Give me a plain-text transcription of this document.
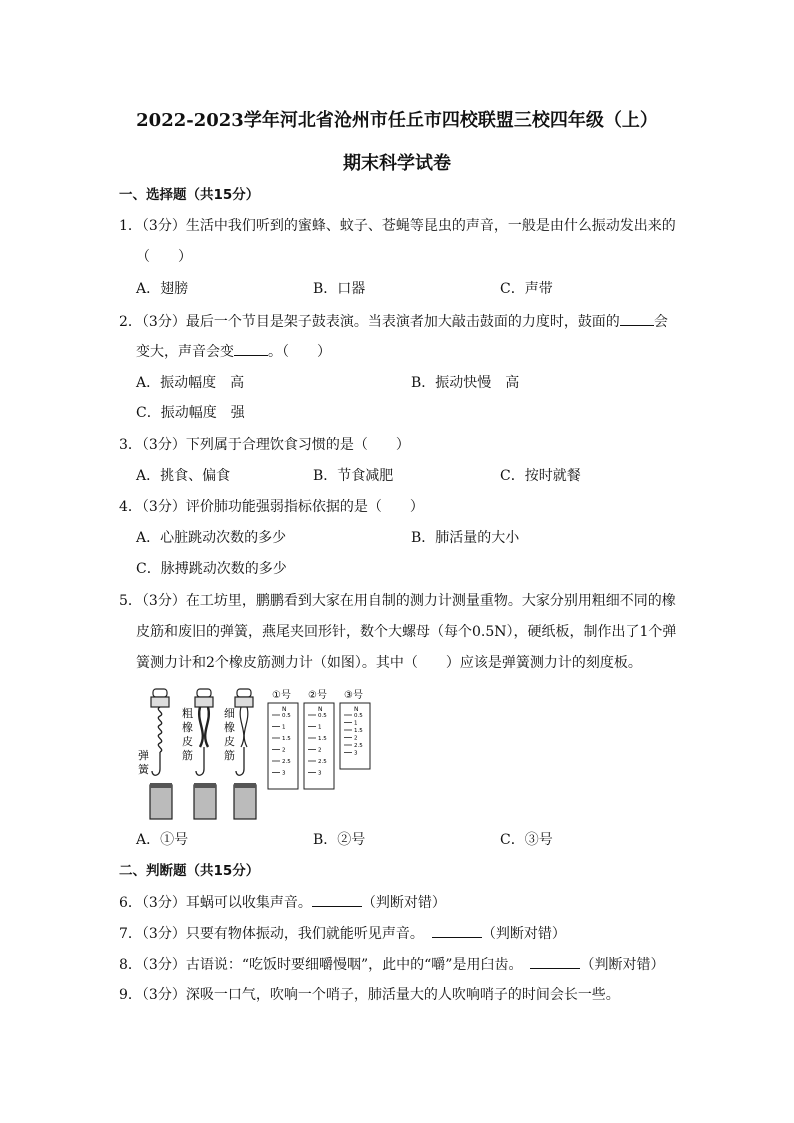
2022-2023学年河北省沧州市任丘市四校联盟三校四年级（上）
期末科学试卷
一、选择题（共15分）
1．（3分）生活中我们听到的蜜蜂、蚊子、苍蝇等昆虫的声音，一般是由什么振动发出来的
（　　）
A．翅膀	B．口器	C．声带
2．（3分）最后一个节目是架子鼓表演。当表演者加大敲击鼓面的力度时，鼓面的 会
变大，声音会变 。（　　）
A．振动幅度　高	B．振动快慢　高
C．振动幅度　强
3．（3分）下列属于合理饮食习惯的是（　　）
A．挑食、偏食	B．节食减肥	C．按时就餐
4．（3分）评价肺功能强弱指标依据的是（　　）
A．心脏跳动次数的多少	B．肺活量的大小
C．脉搏跳动次数的多少
5．（3分）在工坊里，鹏鹏看到大家在用自制的测力计测量重物。大家分别用粗细不同的橡
皮筋和废旧的弹簧，燕尾夹回形针，数个大螺母（每个0.5N），硬纸板，制作出了1个弹
簧测力计和2个橡皮筋测力计（如图）。其中（　　）应该是弹簧测力计的刻度板。
弹
簧
粗
橡
皮
筋
细
橡
皮
筋
①号 ②号 ③号
N	N	N
0.5
1
1.5
2
2.5
3
0.5
1
1.5
2
2.5
3
0.5
1
1.5
2
2.5
3
A．①号	B．②号	C．③号
二、判断题（共15分）
6．（3分）耳蜗可以收集声音。	（判断对错）
7．（3分）只要有物体振动，我们就能听见声音。	（判断对错）
8．（3分）古语说：“吃饭时要细嚼慢咽”，此中的“嚼”是用臼齿。	（判断对错）
9．（3分）深吸一口气，吹响一个哨子，肺活量大的人吹响哨子的时间会长一些。
